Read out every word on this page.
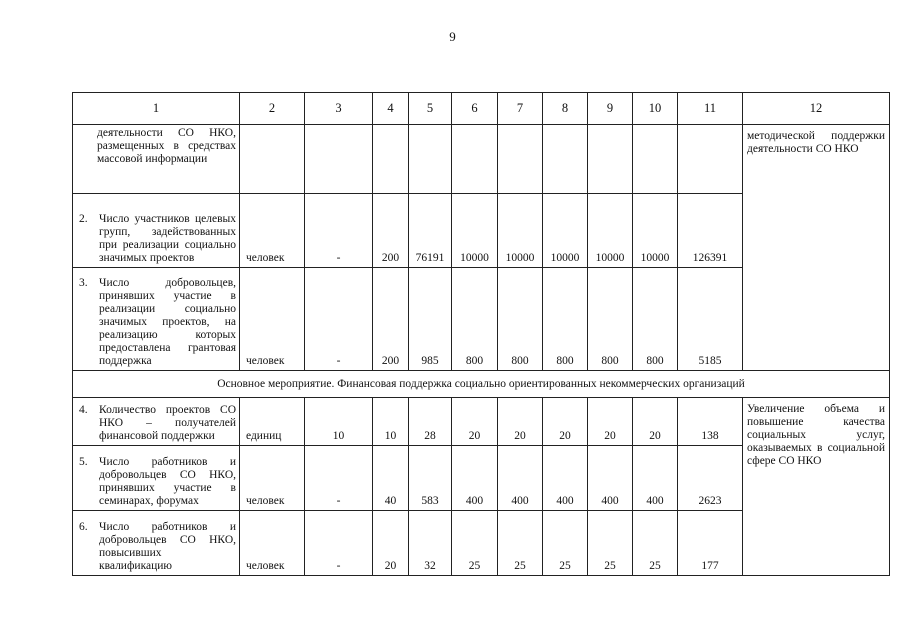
9
1	2	3	4	5	6	7	8	9	10	11	12
деятельности СО НКО, размещенных в средствах массовой информации											методической поддержки деятельности СО НКО

2. Число участников целевых групп, задействованных при реализации социально значимых проектов	человек	-	200	76191	10000	10000	10000	10000	10000	126391	

3. Число добровольцев, принявших участие в реализации социально значимых проектов, на реализацию которых предоставлена грантовая поддержка	человек	-	200	985	800	800	800	800	800	5185	
Основное мероприятие. Финансовая поддержка социально ориентированных некоммерческих организаций											

4. Количество проектов СО НКО – получателей финансовой поддержки	единиц	10	10	28	20	20	20	20	20	138	Увеличение объема и повышение качества социальных услуг, оказываемых в социальной сфере СО НКО

5. Число работников и добровольцев СО НКО, принявших участие в семинарах, форумах	человек	-	40	583	400	400	400	400	400	2623	

6. Число работников и добровольцев СО НКО, повысивших квалификацию	человек	-	20	32	25	25	25	25	25	177	
